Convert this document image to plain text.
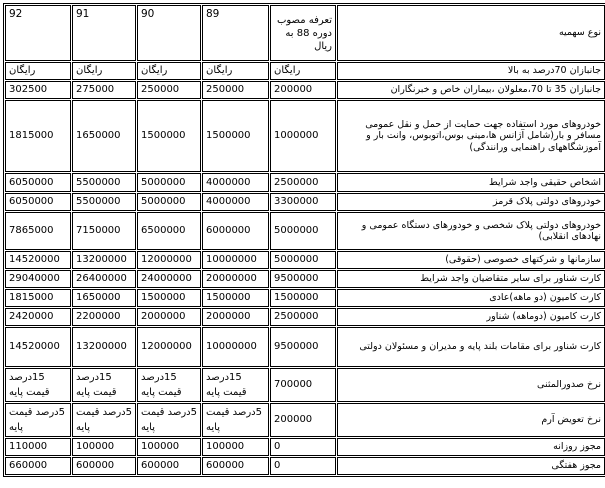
نوع سهمیه	تعرفه مصوب دوره 88 به ریال	89	90	91	92
جانبازان 70درصد به بالا	رایگان	رایگان	رایگان	رایگان	رایگان
جانبازان 35 تا 70،معلولان ،بیماران خاص و خبرنگاران	200000	250000	250000	275000	302500
خودروهای مورد استفاده جهت حمایت از حمل و نقل عمومی مسافر و بار(شامل آژانس ها،مینی بوس،اتوبوس، وانت بار و آموزشگاههای راهنمایی ورانندگی)	1000000	1500000	1500000	1650000	1815000
اشخاص حقیقی واجد شرایط	2500000	4000000	5000000	5500000	6050000
خودروهای دولتی پلاک قرمز	3300000	4000000	5000000	5500000	6050000
خودروهای دولتی پلاک شخصی و خودورهای دستگاه عمومی و نهادهای انقلابی)	5000000	6000000	6500000	7150000	7865000
سازمانها و شرکتهای خصوصی (حقوقی)	5000000	10000000	12000000	13200000	14520000
کارت شناور برای سایر متقاضیان واجد شرایط	9500000	20000000	24000000	26400000	29040000
کارت کامیون (دو ماهه)عادی	1500000	1500000	1500000	1650000	1815000
کارت کامیون (دوماهه) شناور	2500000	2000000	2000000	2200000	2420000
کارت شناور برای مقامات بلند پایه و مدیران و مسئولان دولتی	9500000	10000000	12000000	13200000	14520000
نرخ صدورالمثنی	700000	15درصد قیمت پایه	15درصد قیمت پایه	15درصد قیمت پایه	15درصد قیمت پایه
نرخ تعویض آرم	200000	5درصد قیمت پایه	5درصد قیمت پایه	5درصد قیمت پایه	5درصد قیمت پایه
مجوز روزانه	0	100000	100000	100000	110000
مجوز هفتگی	0	600000	600000	600000	660000
